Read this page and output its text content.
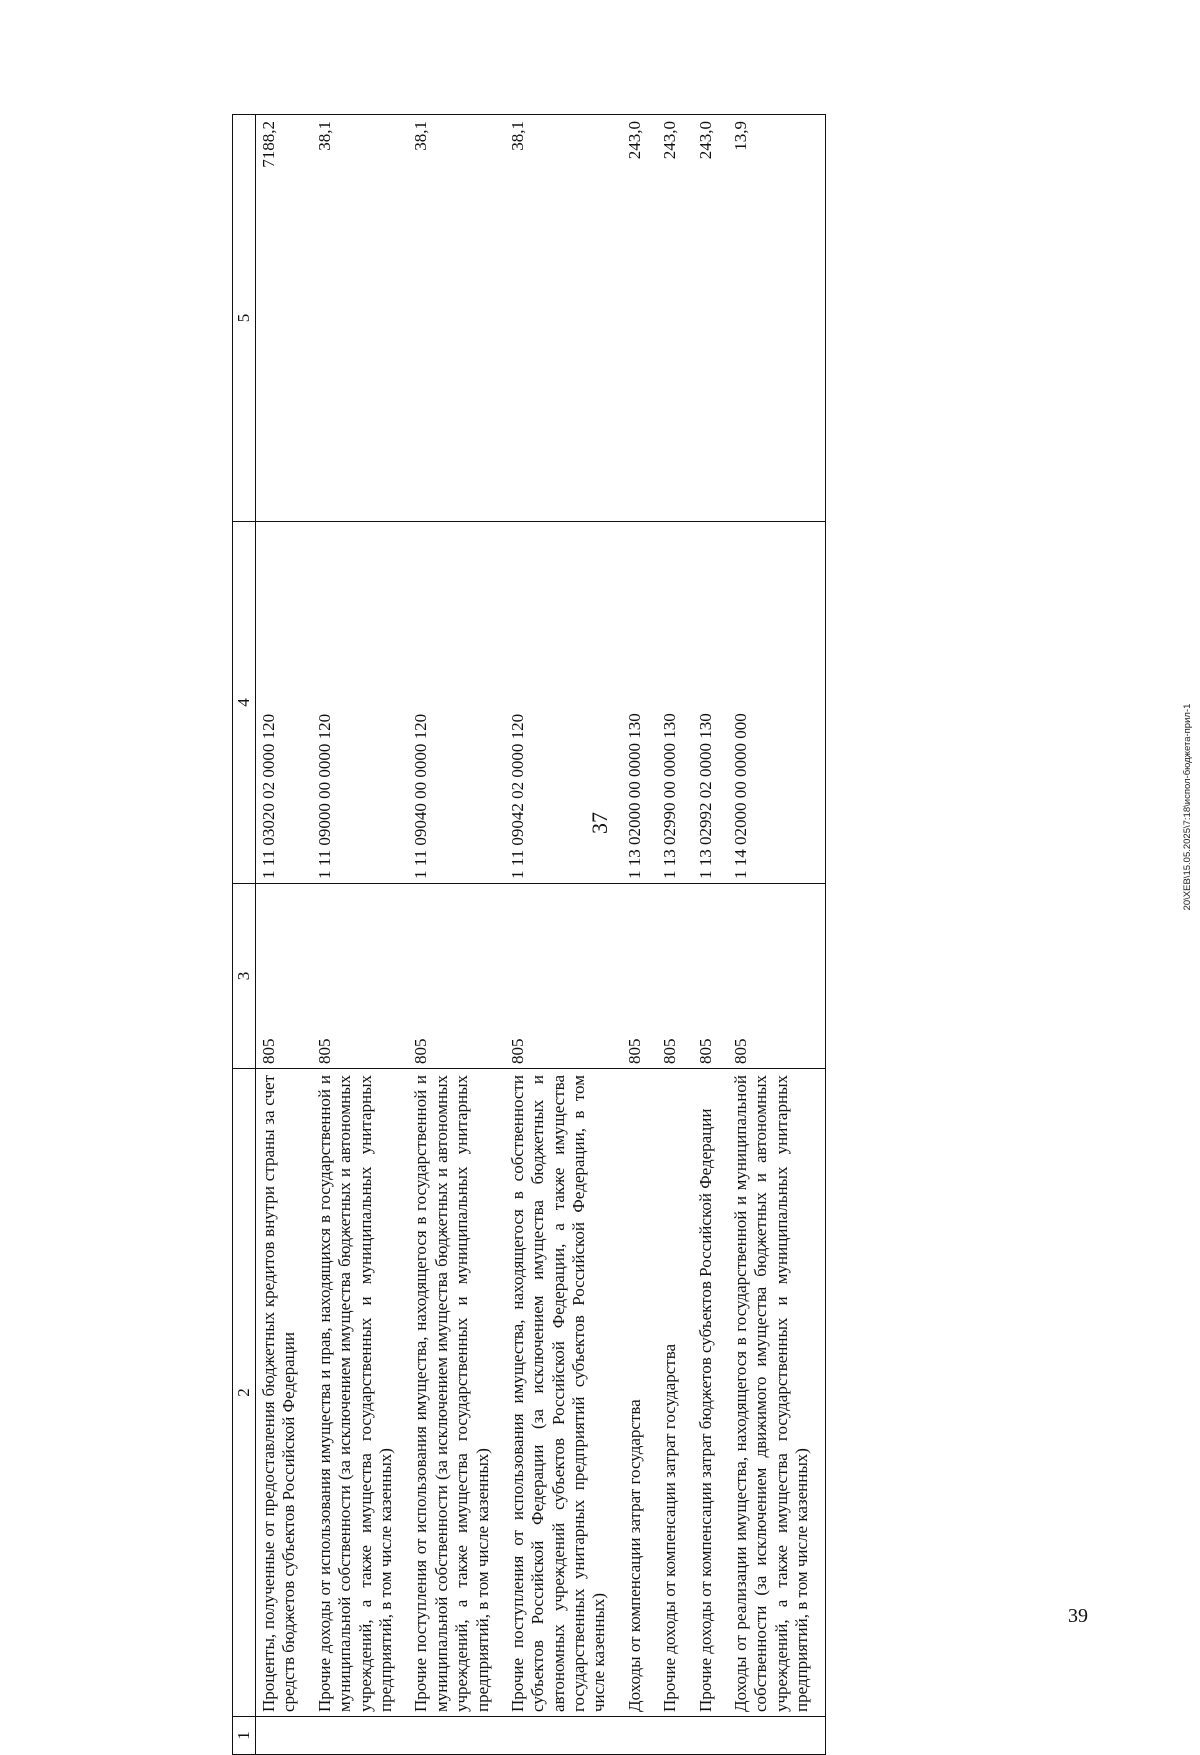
37
1	2	3	4	5
	Проценты, полученные от предоставления бюджетных кредитов внутри страны за счет средств бюджетов субъектов Российской Федерации	805	1 11 03020 02 0000 120	7188,2
	Прочие доходы от использования имущества и прав, находящихся в государственной и муниципальной собственности (за исключением имущества бюджетных и автономных учреждений, а также имущества государственных и муниципальных унитарных предприятий, в том числе казенных)	805	1 11 09000 00 0000 120	38,1
	Прочие поступления от использования имущества, находящегося в государственной и муниципальной собственности (за исключением имущества бюджетных и автономных учреждений, а также имущества государственных и муниципальных унитарных предприятий, в том числе казенных)	805	1 11 09040 00 0000 120	38,1
	Прочие поступления от использования имущества, находящегося в собственности субъектов Российской Федерации (за исключением имущества бюджетных и автономных учреждений субъектов Российской Федерации, а также имущества государственных унитарных предприятий субъектов Российской Федерации, в том числе казенных)	805	1 11 09042 02 0000 120	38,1
	Доходы от компенсации затрат государства	805	1 13 02000 00 0000 130	243,0
	Прочие доходы от компенсации затрат государства	805	1 13 02990 00 0000 130	243,0
	Прочие доходы от компенсации затрат бюджетов субъектов Российской Федерации	805	1 13 02992 02 0000 130	243,0
	Доходы от реализации имущества, находящегося в государственной и муниципальной собственности (за исключением движимого имущества бюджетных и автономных учреждений, а также имущества государственных и муниципальных унитарных предприятий, в том числе казенных)	805	1 14 02000 00 0000 000	13,9
20\ХЕВ\15.05.2025\7:18\испол-бюджета-прил-1
39
